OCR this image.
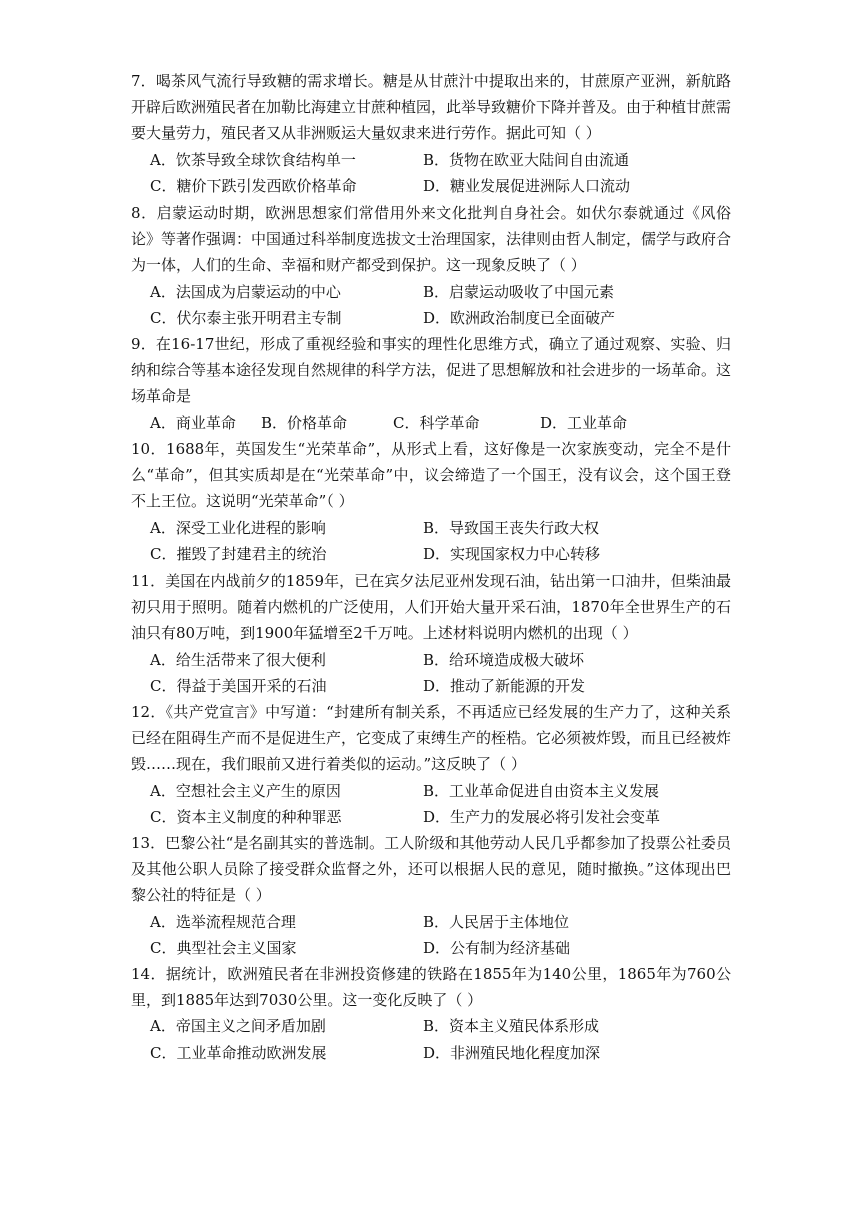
7．喝茶风气流行导致糖的需求增长。糖是从甘蔗汁中提取出来的，甘蔗原产亚洲，新航路开辟后欧洲殖民者在加勒比海建立甘蔗种植园，此举导致糖价下降并普及。由于种植甘蔗需要大量劳力，殖民者又从非洲贩运大量奴隶来进行劳作。据此可知（ ）

A．饮茶导致全球饮食结构单一	B．货物在欧亚大陆间自由流通
C．糖价下跌引发西欧价格革命	D．糖业发展促进洲际人口流动

8．启蒙运动时期，欧洲思想家们常借用外来文化批判自身社会。如伏尔泰就通过《风俗论》等著作强调：中国通过科举制度选拔文士治理国家，法律则由哲人制定，儒学与政府合为一体，人们的生命、幸福和财产都受到保护。这一现象反映了（ ）

A．法国成为启蒙运动的中心	B．启蒙运动吸收了中国元素
C．伏尔泰主张开明君主专制	D．欧洲政治制度已全面破产

9．在16-17世纪，形成了重视经验和事实的理性化思维方式，确立了通过观察、实验、归纳和综合等基本途径发现自然规律的科学方法，促进了思想解放和社会进步的一场革命。这场革命是

A．商业革命	B．价格革命	C．科学革命	D．工业革命

10．1688年，英国发生“光荣革命”，从形式上看，这好像是一次家族变动，完全不是什么“革命”，但其实质却是在“光荣革命”中，议会缔造了一个国王，没有议会，这个国王登不上王位。这说明“光荣革命”（ ）

A．深受工业化进程的影响	B．导致国王丧失行政大权
C．摧毁了封建君主的统治	D．实现国家权力中心转移

11．美国在内战前夕的1859年，已在宾夕法尼亚州发现石油，钻出第一口油井，但柴油最初只用于照明。随着内燃机的广泛使用，人们开始大量开采石油，1870年全世界生产的石油只有80万吨，到1900年猛增至2千万吨。上述材料说明内燃机的出现（ ）

A．给生活带来了很大便利	B．给环境造成极大破坏
C．得益于美国开采的石油	D．推动了新能源的开发

12．《共产党宣言》中写道：“封建所有制关系，不再适应已经发展的生产力了，这种关系已经在阻碍生产而不是促进生产，它变成了束缚生产的桎梏。它必须被炸毁，而且已经被炸毁……现在，我们眼前又进行着类似的运动。”这反映了（ ）

A．空想社会主义产生的原因	B．工业革命促进自由资本主义发展
C．资本主义制度的种种罪恶	D．生产力的发展必将引发社会变革

13．巴黎公社“是名副其实的普选制。工人阶级和其他劳动人民几乎都参加了投票公社委员及其他公职人员除了接受群众监督之外，还可以根据人民的意见，随时撤换。”这体现出巴黎公社的特征是（ ）

A．选举流程规范合理	B．人民居于主体地位
C．典型社会主义国家	D．公有制为经济基础

14．据统计，欧洲殖民者在非洲投资修建的铁路在1855年为140公里，1865年为760公里，到1885年达到7030公里。这一变化反映了（ ）

A．帝国主义之间矛盾加剧	B．资本主义殖民体系形成
C．工业革命推动欧洲发展	D．非洲殖民地化程度加深
